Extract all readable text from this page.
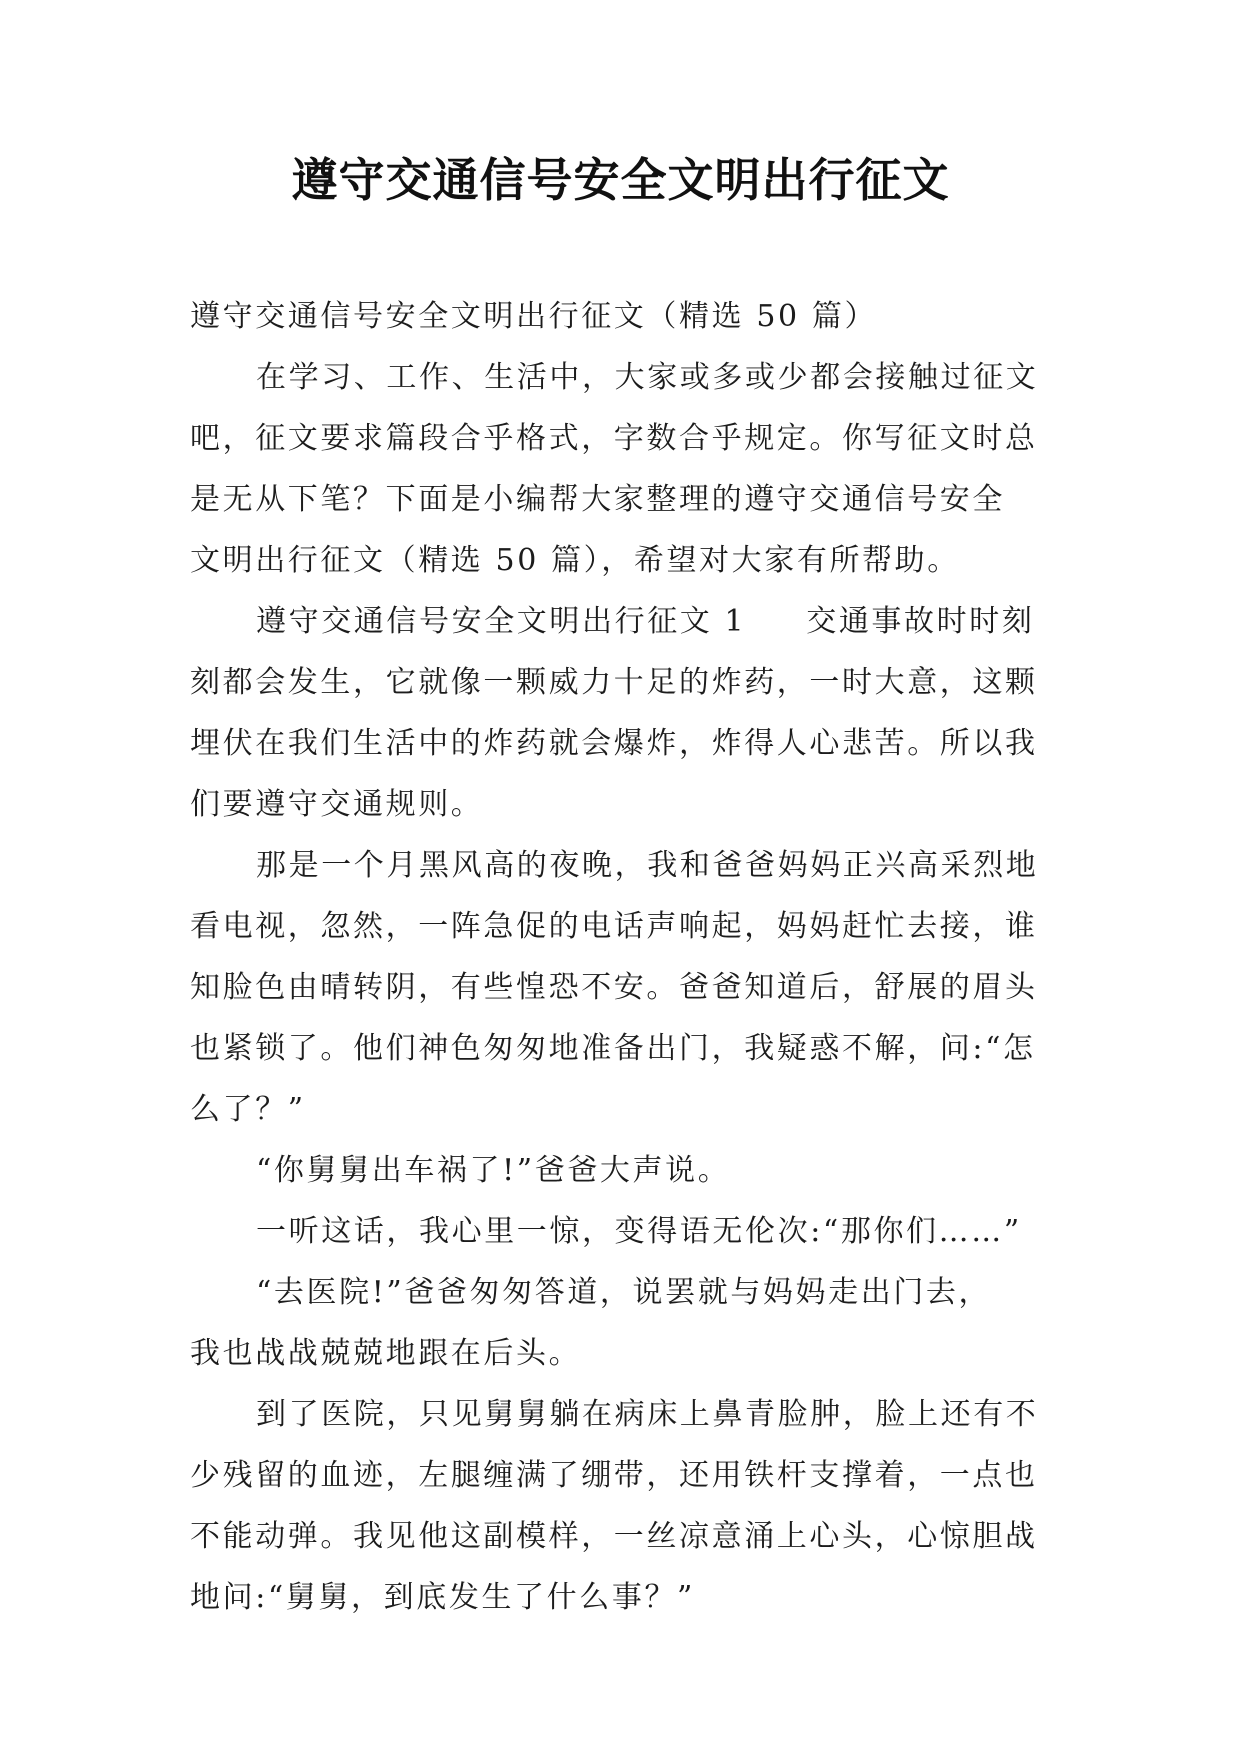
遵守交通信号安全文明出行征文
遵守交通信号安全文明出行征文（精选 50 篇）
在学习、工作、生活中，大家或多或少都会接触过征文
吧，征文要求篇段合乎格式，字数合乎规定。你写征文时总
是无从下笔？下面是小编帮大家整理的遵守交通信号安全
文明出行征文（精选 50 篇），希望对大家有所帮助。
遵守交通信号安全文明出行征文 1 交通事故时时刻
刻都会发生，它就像一颗威力十足的炸药，一时大意，这颗
埋伏在我们生活中的炸药就会爆炸，炸得人心悲苦。所以我
们要遵守交通规则。
那是一个月黑风高的夜晚，我和爸爸妈妈正兴高采烈地
看电视，忽然，一阵急促的电话声响起，妈妈赶忙去接，谁
知脸色由晴转阴，有些惶恐不安。爸爸知道后，舒展的眉头
也紧锁了。他们神色匆匆地准备出门，我疑惑不解，问:“怎
么了？”
“你舅舅出车祸了!”爸爸大声说。
一听这话，我心里一惊，变得语无伦次:“那你们……”
“去医院!”爸爸匆匆答道，说罢就与妈妈走出门去，
我也战战兢兢地跟在后头。
到了医院，只见舅舅躺在病床上鼻青脸肿，脸上还有不
少残留的血迹，左腿缠满了绷带，还用铁杆支撑着，一点也
不能动弹。我见他这副模样，一丝凉意涌上心头，心惊胆战
地问:“舅舅，到底发生了什么事？”
